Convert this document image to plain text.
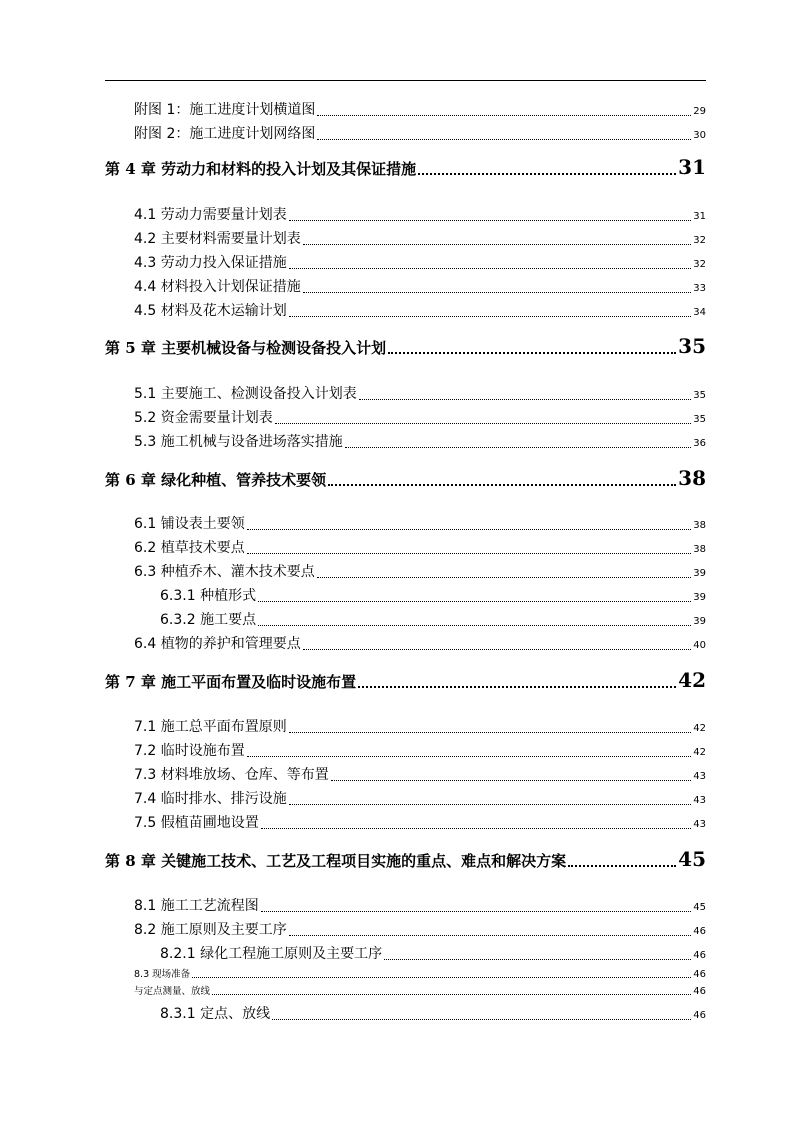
附图 1：施工进度计划横道图	29
附图 2：施工进度计划网络图	30
第 4 章 劳动力和材料的投入计划及其保证措施	31
4.1 劳动力需要量计划表	31
4.2 主要材料需要量计划表	32
4.3 劳动力投入保证措施	32
4.4 材料投入计划保证措施	33
4.5 材料及花木运输计划	34
第 5 章 主要机械设备与检测设备投入计划	35
5.1 主要施工、检测设备投入计划表	35
5.2 资金需要量计划表	35
5.3 施工机械与设备进场落实措施	36
第 6 章 绿化种植、管养技术要领	38
6.1 铺设表土要领	38
6.2 植草技术要点	38
6.3 种植乔木、灌木技术要点	39
6.3.1 种植形式	39
6.3.2 施工要点	39
6.4 植物的养护和管理要点	40
第 7 章 施工平面布置及临时设施布置	42
7.1 施工总平面布置原则	42
7.2 临时设施布置	42
7.3 材料堆放场、仓库、等布置	43
7.4 临时排水、排污设施	43
7.5 假植苗圃地设置	43
第 8 章 关键施工技术、工艺及工程项目实施的重点、难点和解决方案	45
8.1 施工工艺流程图	45
8.2 施工原则及主要工序	46
8.2.1 绿化工程施工原则及主要工序	46
8.3 现场准备	46
与定点测量、放线	46
8.3.1 定点、放线	46
